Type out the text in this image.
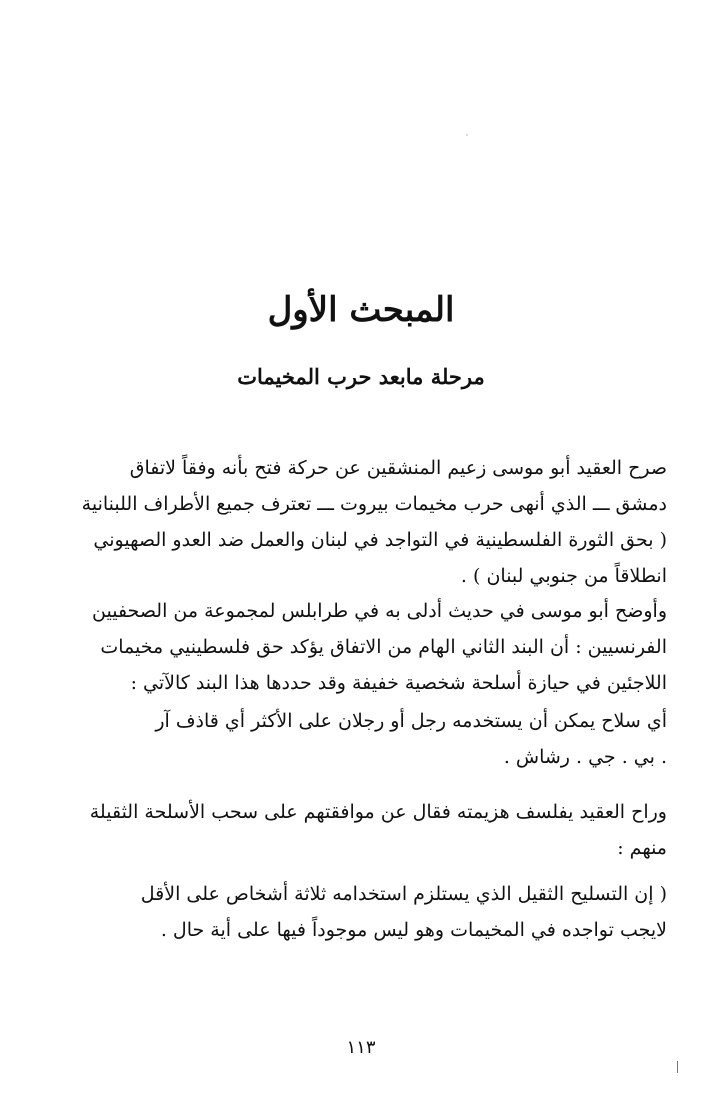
المبحث الأول
مرحلة مابعد حرب المخيمات
صرح العقيد أبو موسى زعيم المنشقين عن حركة فتح بأنه وفقاً لاتفاق
دمشق ـــ الذي أنهى حرب مخيمات بيروت ـــ تعترف جميع الأطراف اللبنانية
( بحق الثورة الفلسطينية في التواجد في لبنان والعمل ضد العدو الصهيوني
انطلاقاً من جنوبي لبنان ) .
وأوضح أبو موسى في حديث أدلى به في طرابلس لمجموعة من الصحفيين
الفرنسيين : أن البند الثاني الهام من الاتفاق يؤكد حق فلسطينيي مخيمات
اللاجئين في حيازة أسلحة شخصية خفيفة وقد حددها هذا البند كالآتي :
أي سلاح يمكن أن يستخدمه رجل أو رجلان على الأكثر أي قاذف آر
. بي . جي . رشاش .
وراح العقيد يفلسف هزيمته فقال عن موافقتهم على سحب الأسلحة الثقيلة
منهم :
( إن التسليح الثقيل الذي يستلزم استخدامه ثلاثة أشخاص على الأقل
لايجب تواجده في المخيمات وهو ليس موجوداً فيها على أية حال .
١١٣
